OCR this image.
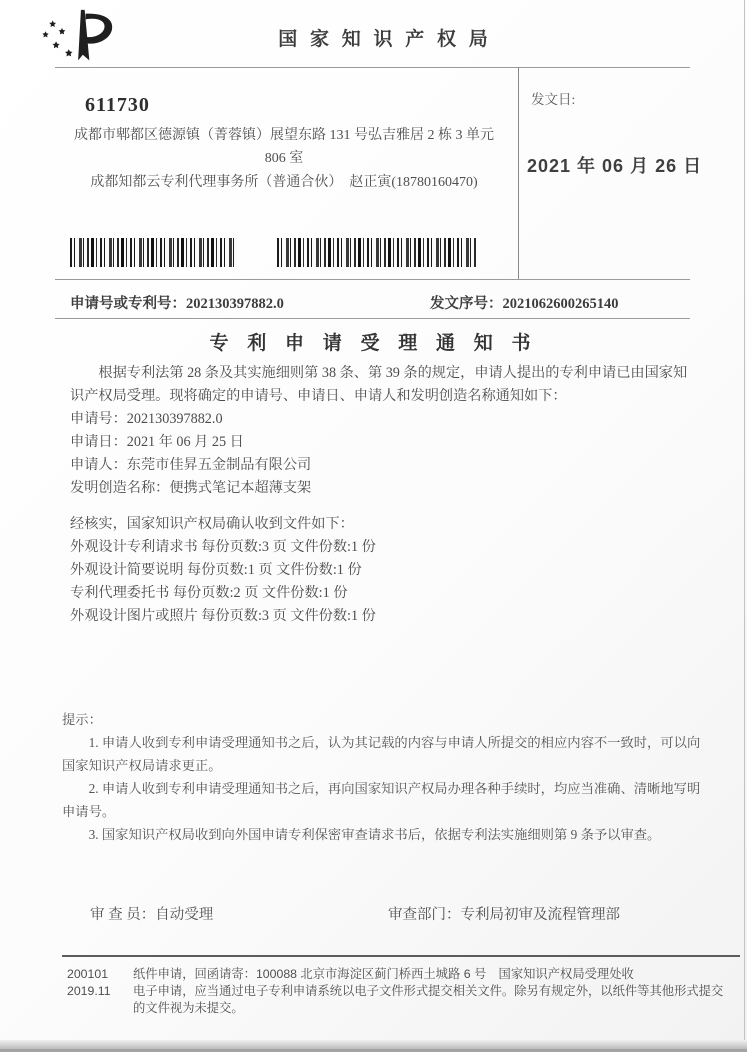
国 家 知 识 产 权 局
发文日:
2021 年 06 月 26 日
611730
成都市郫都区德源镇（菁蓉镇）展望东路 131 号弘吉雅居 2 栋 3 单元
806 室
成都知都云专利代理事务所（普通合伙）　赵正寅(18780160470)
申请号或专利号：202130397882.0	发文序号：2021062600265140
专 利 申 请 受 理 通 知 书

根据专利法第 28 条及其实施细则第 38 条、第 39 条的规定，申请人提出的专利申请已由国家知识产权局受理。现将确定的申请号、申请日、申请人和发明创造名称通知如下：

申请号：202130397882.0

申请日：2021 年 06 月 25 日

申请人：东莞市佳昇五金制品有限公司

发明创造名称：便携式笔记本超薄支架

经核实，国家知识产权局确认收到文件如下：

外观设计专利请求书 每份页数:3 页 文件份数:1 份

外观设计简要说明 每份页数:1 页 文件份数:1 份

专利代理委托书 每份页数:2 页 文件份数:1 份

外观设计图片或照片 每份页数:3 页 文件份数:1 份

提示：

1. 申请人收到专利申请受理通知书之后，认为其记载的内容与申请人所提交的相应内容不一致时，可以向国家知识产权局请求更正。

2. 申请人收到专利申请受理通知书之后，再向国家知识产权局办理各种手续时，均应当准确、清晰地写明申请号。

3. 国家知识产权局收到向外国申请专利保密审查请求书后，依据专利法实施细则第 9 条予以审查。

审 查 员：自动受理	审查部门：专利局初审及流程管理部
200101
2019.11
纸件申请，回函请寄：100088 北京市海淀区蓟门桥西土城路 6 号　国家知识产权局受理处收
电子申请，应当通过电子专利申请系统以电子文件形式提交相关文件。除另有规定外，以纸件等其他形式提交的文件视为未提交。
